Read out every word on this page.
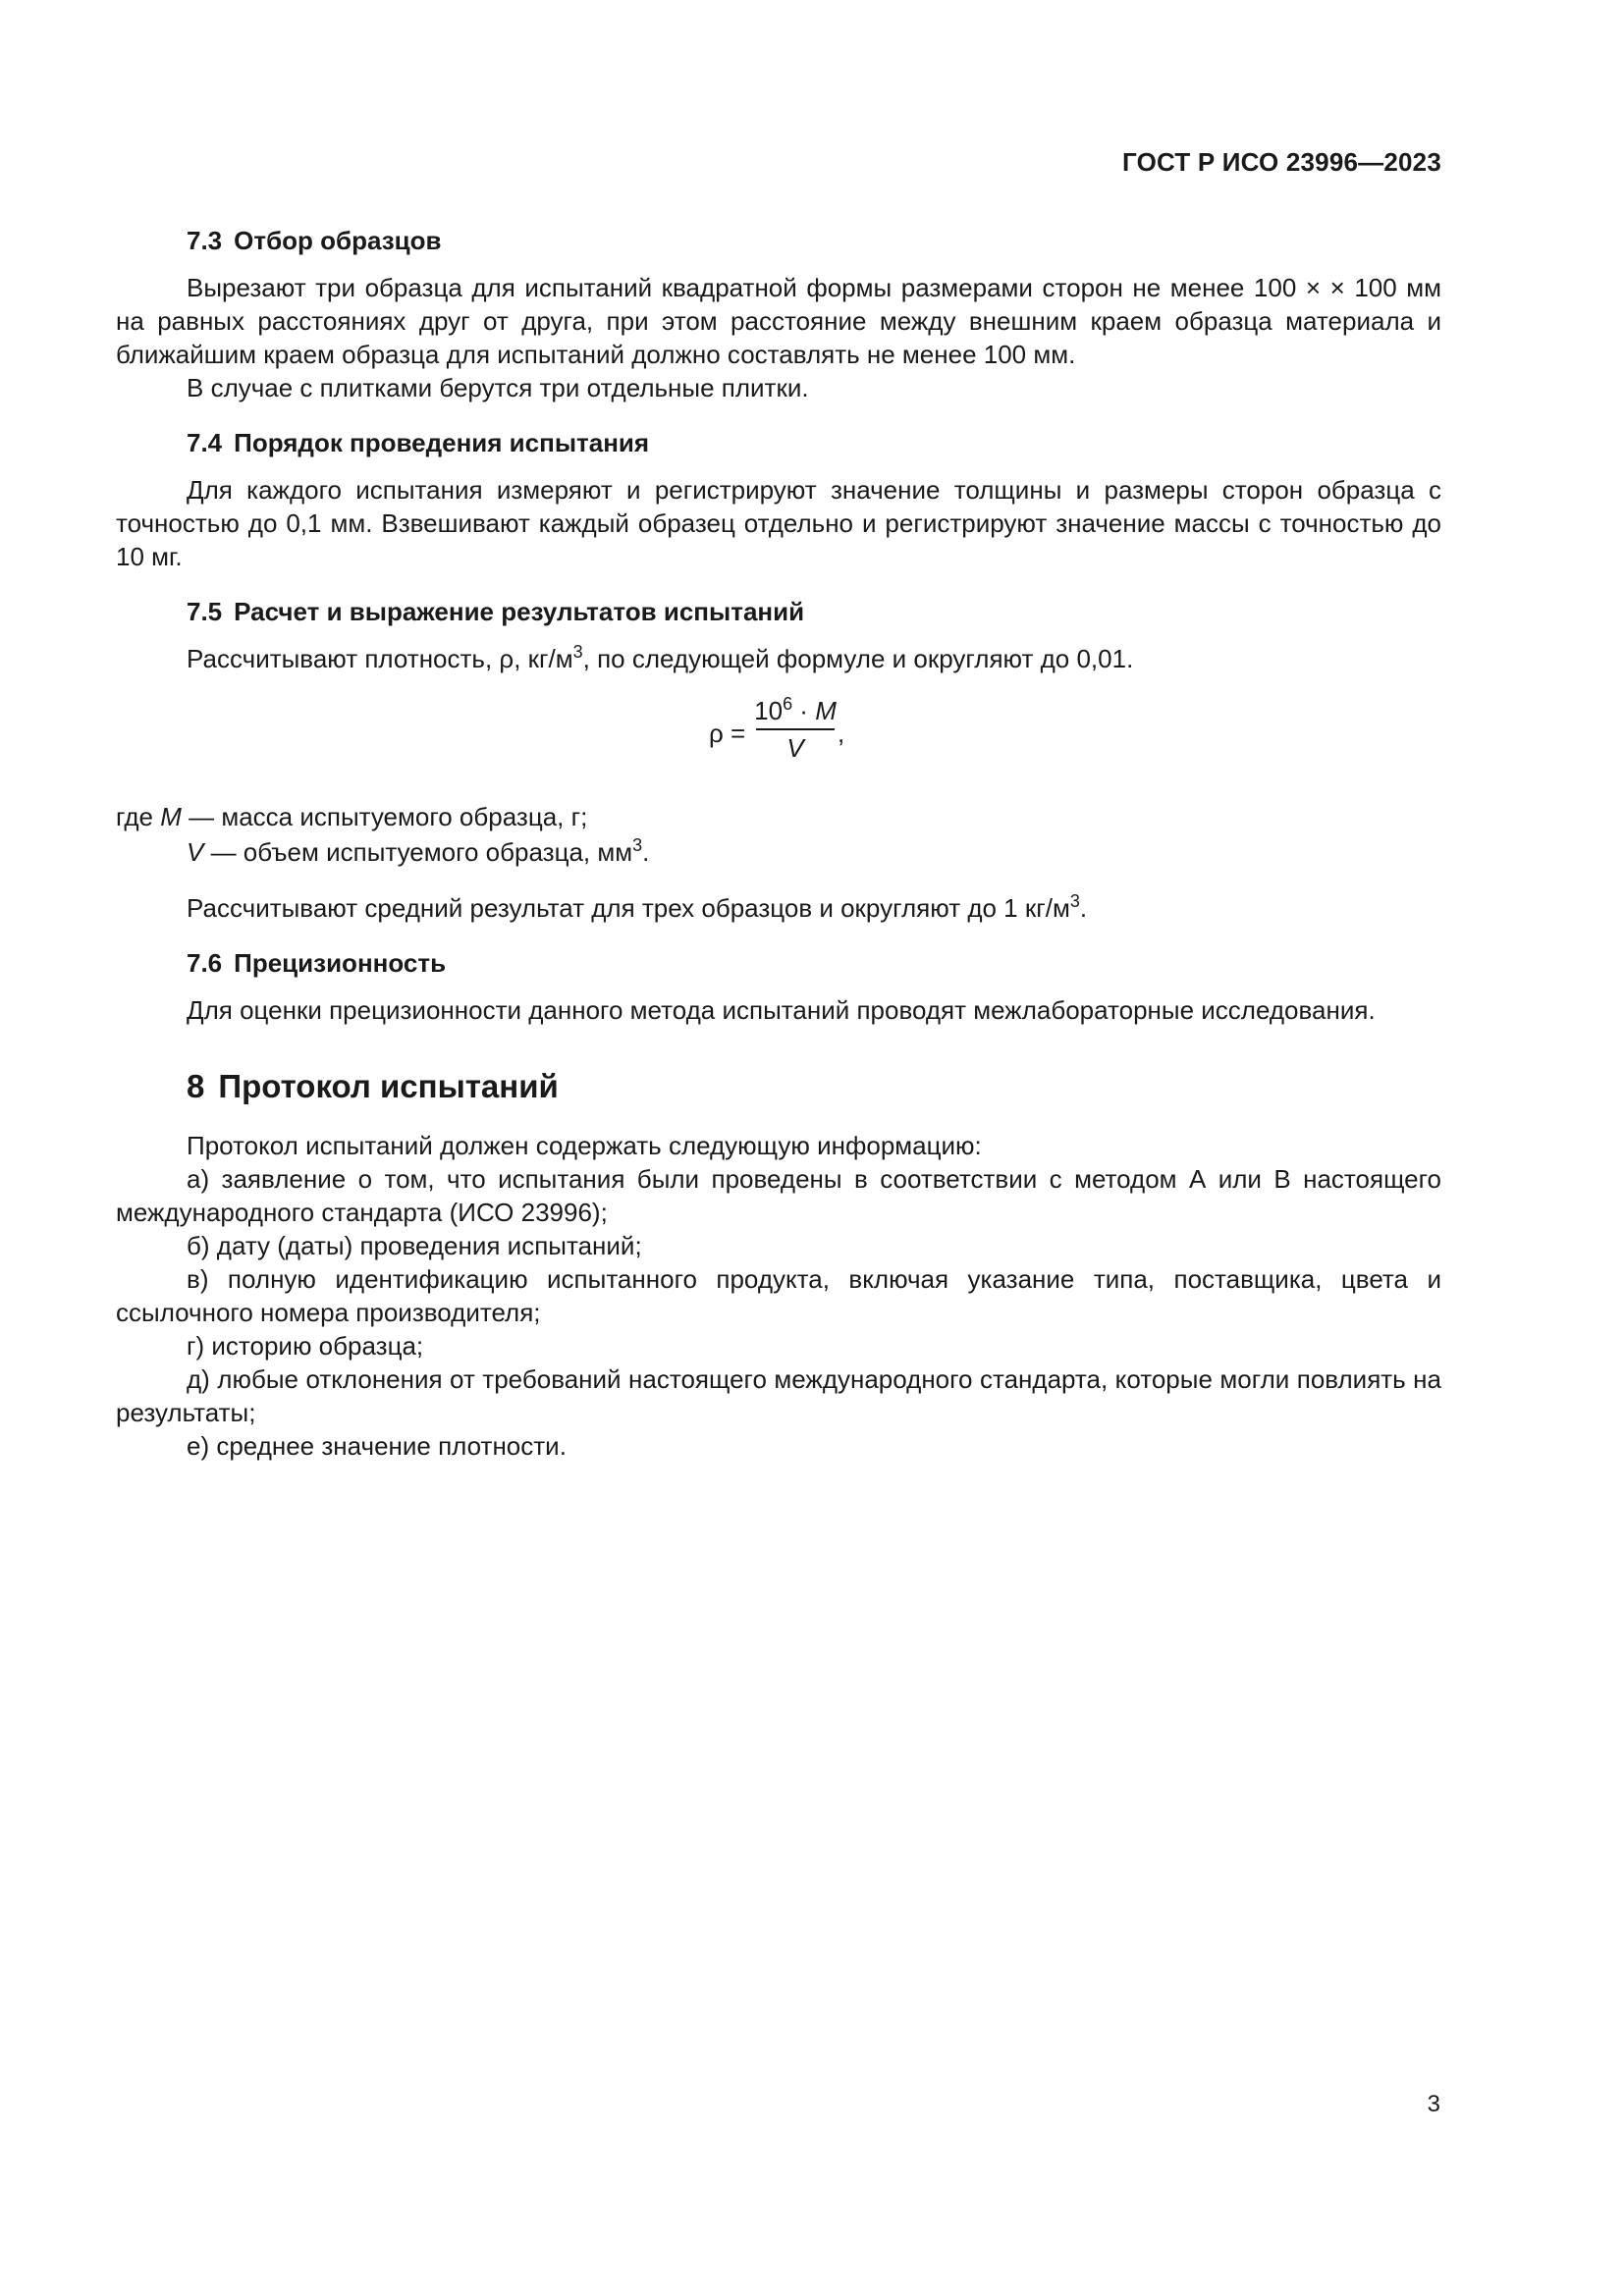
ГОСТ Р ИСО 23996—2023
7.3 Отбор образцов

Вырезают три образца для испытаний квадратной формы размерами сторон не менее 100 × × 100 мм на равных расстояниях друг от друга, при этом расстояние между внешним краем образца материала и ближайшим краем образца для испытаний должно составлять не менее 100 мм.

В случае с плитками берутся три отдельные плитки.

7.4 Порядок проведения испытания

Для каждого испытания измеряют и регистрируют значение толщины и размеры сторон образца с точностью до 0,1 мм. Взвешивают каждый образец отдельно и регистрируют значение массы с точностью до 10 мг.

7.5 Расчет и выражение результатов испытаний

Рассчитывают плотность, ρ, $кг/м^3$, по следующей формуле и округляют до 0,01.

ρ =
$10^6 \cdot M$
V	,
где M — масса испытуемого образца, г;
V — объем испытуемого образца, $мм^3$.

Рассчитывают средний результат для трех образцов и округляют до 1 $кг/м^3$.

7.6 Прецизионность

Для оценки прецизионности данного метода испытаний проводят межлабораторные исследования.

8 Протокол испытаний

Протокол испытаний должен содержать следующую информацию:

а) заявление о том, что испытания были проведены в соответствии с методом А или В настоящего международного стандарта (ИСО 23996);

б) дату (даты) проведения испытаний;

в) полную идентификацию испытанного продукта, включая указание типа, поставщика, цвета и ссылочного номера производителя;

г) историю образца;

д) любые отклонения от требований настоящего международного стандарта, которые могли повлиять на результаты;

е) среднее значение плотности.

3
